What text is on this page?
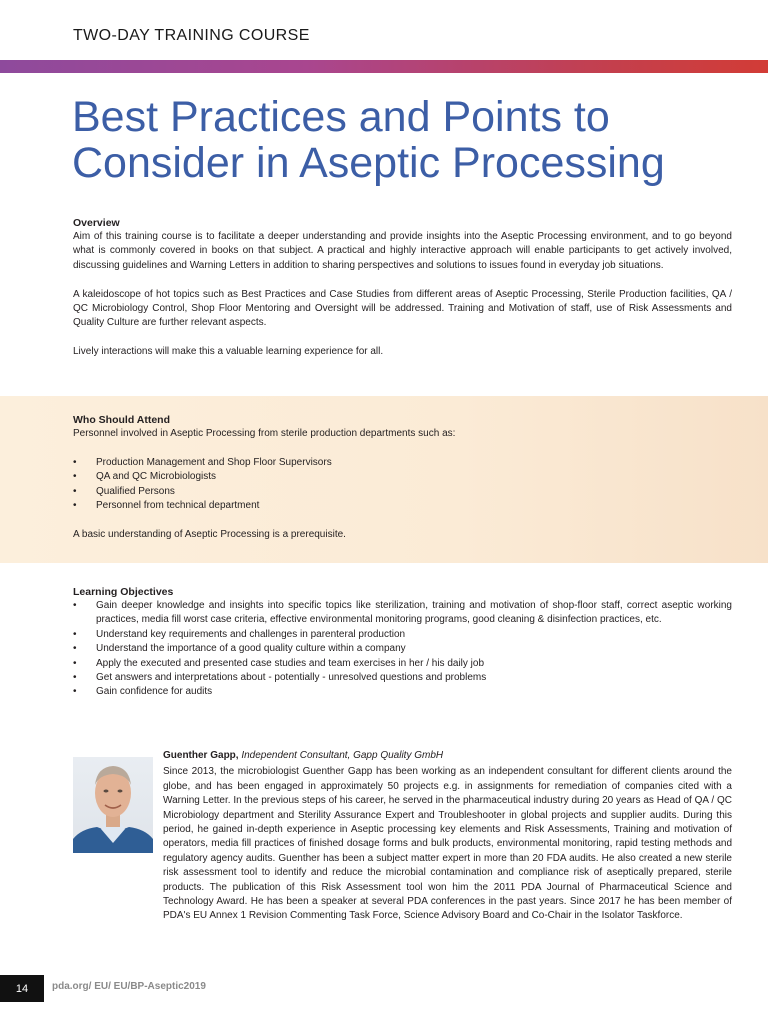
TWO-DAY TRAINING COURSE
Best Practices and Points to Consider in Aseptic Processing

Overview

Aim of this training course is to facilitate a deeper understanding and provide insights into the Aseptic Processing environment, and to go beyond what is commonly covered in books on that subject. A practical and highly interactive approach will enable participants to get actively involved, discussing guidelines and Warning Letters in addition to sharing perspectives and solutions to issues found in everyday job situations.

A kaleidoscope of hot topics such as Best Practices and Case Studies from different areas of Aseptic Processing, Sterile Production facilities, QA / QC Microbiology Control, Shop Floor Mentoring and Oversight will be addressed. Training and Motivation of staff, use of Risk Assessments and Quality Culture are further relevant aspects.

Lively interactions will make this a valuable learning experience for all.

Who Should Attend

Personnel involved in Aseptic Processing from sterile production departments such as:

• Production Management and Shop Floor Supervisors
• QA and QC Microbiologists
• Qualified Persons
• Personnel from technical department

A basic understanding of Aseptic Processing is a prerequisite.

Learning Objectives

• Gain deeper knowledge and insights into specific topics like sterilization, training and motivation of shop-floor staff, correct aseptic working practices, media fill worst case criteria, effective environmental monitoring programs, good cleaning & disinfection practices, etc.
• Understand key requirements and challenges in parenteral production
• Understand the importance of a good quality culture within a company
• Apply the executed and presented case studies and team exercises in her / his daily job
• Get answers and interpretations about - potentially - unresolved questions and problems
• Gain confidence for audits

Guenther Gapp, Independent Consultant, Gapp Quality GmbH

Since 2013, the microbiologist Guenther Gapp has been working as an independent consultant for different clients around the globe, and has been engaged in approximately 50 projects e.g. in assignments for remediation of companies cited with a Warning Letter. In the previous steps of his career, he served in the pharmaceutical industry during 20 years as Head of QA / QC Microbiology department and Sterility Assurance Expert and Troubleshooter in global projects and supplier audits. During this period, he gained in-depth experience in Aseptic processing key elements and Risk Assessments, Training and motivation of operators, media fill practices of finished dosage forms and bulk products, environmental monitoring, rapid testing methods and regulatory agency audits. Guenther has been a subject matter expert in more than 20 FDA audits. He also created a new sterile risk assessment tool to identify and reduce the microbial contamination and compliance risk of aseptically prepared, sterile products. The publication of this Risk Assessment tool won him the 2011 PDA Journal of Pharmaceutical Science and Technology Award. He has been a speaker at several PDA conferences in the past years. Since 2017 he has been member of PDA's EU Annex 1 Revision Commenting Task Force, Science Advisory Board and Co-Chair in the Isolator Taskforce.

14	pda.org/ EU/ EU/BP-Aseptic2019
